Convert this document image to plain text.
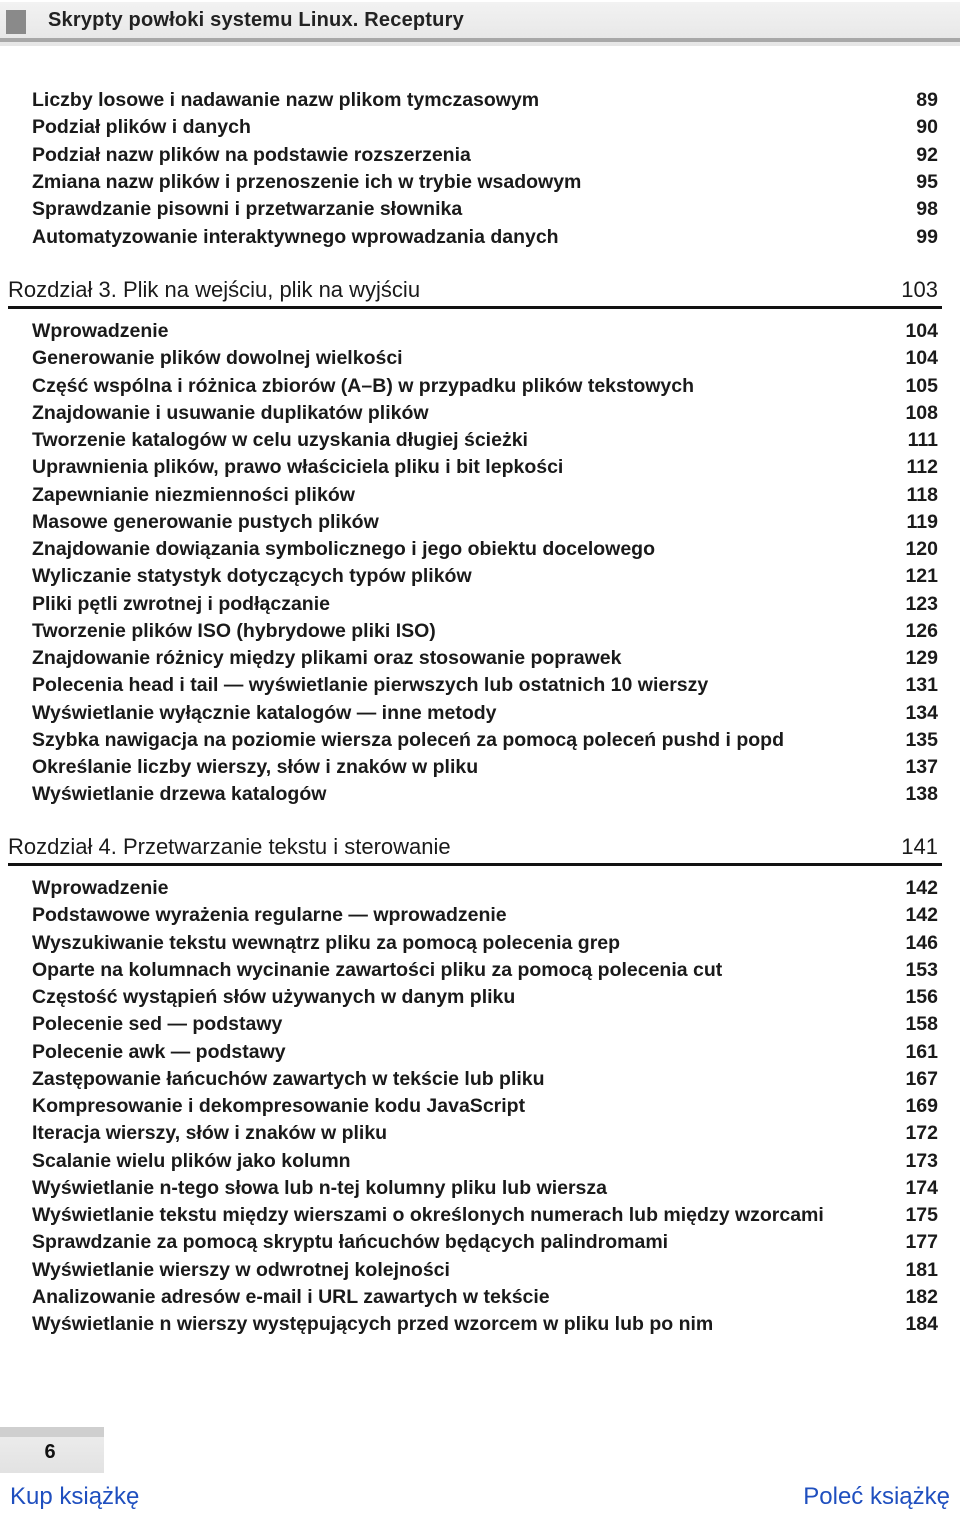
Skrypty powłoki systemu Linux. Receptury
Liczby losowe i nadawanie nazw plikom tymczasowym	89
Podział plików i danych	90
Podział nazw plików na podstawie rozszerzenia	92
Zmiana nazw plików i przenoszenie ich w trybie wsadowym	95
Sprawdzanie pisowni i przetwarzanie słownika	98
Automatyzowanie interaktywnego wprowadzania danych	99
Rozdział 3. Plik na wejściu, plik na wyjściu	103
Wprowadzenie	104
Generowanie plików dowolnej wielkości	104
Część wspólna i różnica zbiorów (A–B) w przypadku plików tekstowych	105
Znajdowanie i usuwanie duplikatów plików	108
Tworzenie katalogów w celu uzyskania długiej ścieżki	111
Uprawnienia plików, prawo właściciela pliku i bit lepkości	112
Zapewnianie niezmienności plików	118
Masowe generowanie pustych plików	119
Znajdowanie dowiązania symbolicznego i jego obiektu docelowego	120
Wyliczanie statystyk dotyczących typów plików	121
Pliki pętli zwrotnej i podłączanie	123
Tworzenie plików ISO (hybrydowe pliki ISO)	126
Znajdowanie różnicy między plikami oraz stosowanie poprawek	129
Polecenia head i tail — wyświetlanie pierwszych lub ostatnich 10 wierszy	131
Wyświetlanie wyłącznie katalogów — inne metody	134
Szybka nawigacja na poziomie wiersza poleceń za pomocą poleceń pushd i popd	135
Określanie liczby wierszy, słów i znaków w pliku	137
Wyświetlanie drzewa katalogów	138
Rozdział 4. Przetwarzanie tekstu i sterowanie	141
Wprowadzenie	142
Podstawowe wyrażenia regularne — wprowadzenie	142
Wyszukiwanie tekstu wewnątrz pliku za pomocą polecenia grep	146
Oparte na kolumnach wycinanie zawartości pliku za pomocą polecenia cut	153
Częstość wystąpień słów używanych w danym pliku	156
Polecenie sed — podstawy	158
Polecenie awk — podstawy	161
Zastępowanie łańcuchów zawartych w tekście lub pliku	167
Kompresowanie i dekompresowanie kodu JavaScript	169
Iteracja wierszy, słów i znaków w pliku	172
Scalanie wielu plików jako kolumn	173
Wyświetlanie n-tego słowa lub n-tej kolumny pliku lub wiersza	174
Wyświetlanie tekstu między wierszami o określonych numerach lub między wzorcami	175
Sprawdzanie za pomocą skryptu łańcuchów będących palindromami	177
Wyświetlanie wierszy w odwrotnej kolejności	181
Analizowanie adresów e-mail i URL zawartych w tekście	182
Wyświetlanie n wierszy występujących przed wzorcem w pliku lub po nim	184
6
Kup książkę	Poleć książkę
